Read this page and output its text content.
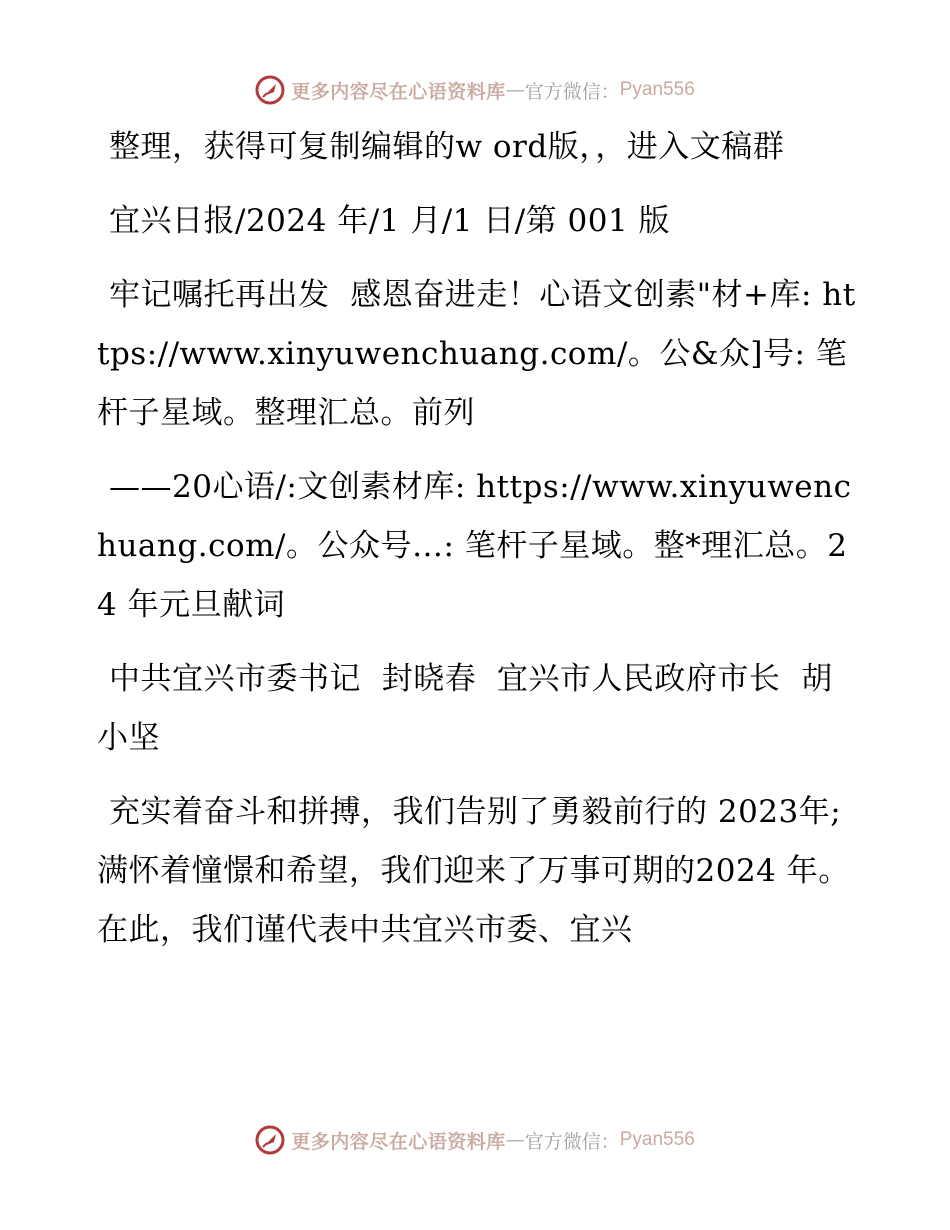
更多内容尽在心语资料库 — 官方微信： Pyan556

整理，获得可复制编辑的w ord版，，进入文稿群

宜兴日报/2024 年/1 月/1 日/第 001 版

牢记嘱托再出发  感恩奋进走！心语文创素"材+库: https://www.xinyuwenchuang.com/。公&众]号: 笔杆子星域。整理汇总。前列

——20心语/:文创素材库: https://www.xinyuwenchuang.com/。公众号…: 笔杆子星域。整*理汇总。24 年元旦献词

中共宜兴市委书记  封晓春  宜兴市人民政府市长  胡小坚

充实着奋斗和拼搏，我们告别了勇毅前行的 2023年; 满怀着憧憬和希望，我们迎来了万事可期的2024 年。在此，我们谨代表中共宜兴市委、宜兴

更多内容尽在心语资料库 — 官方微信： Pyan556
